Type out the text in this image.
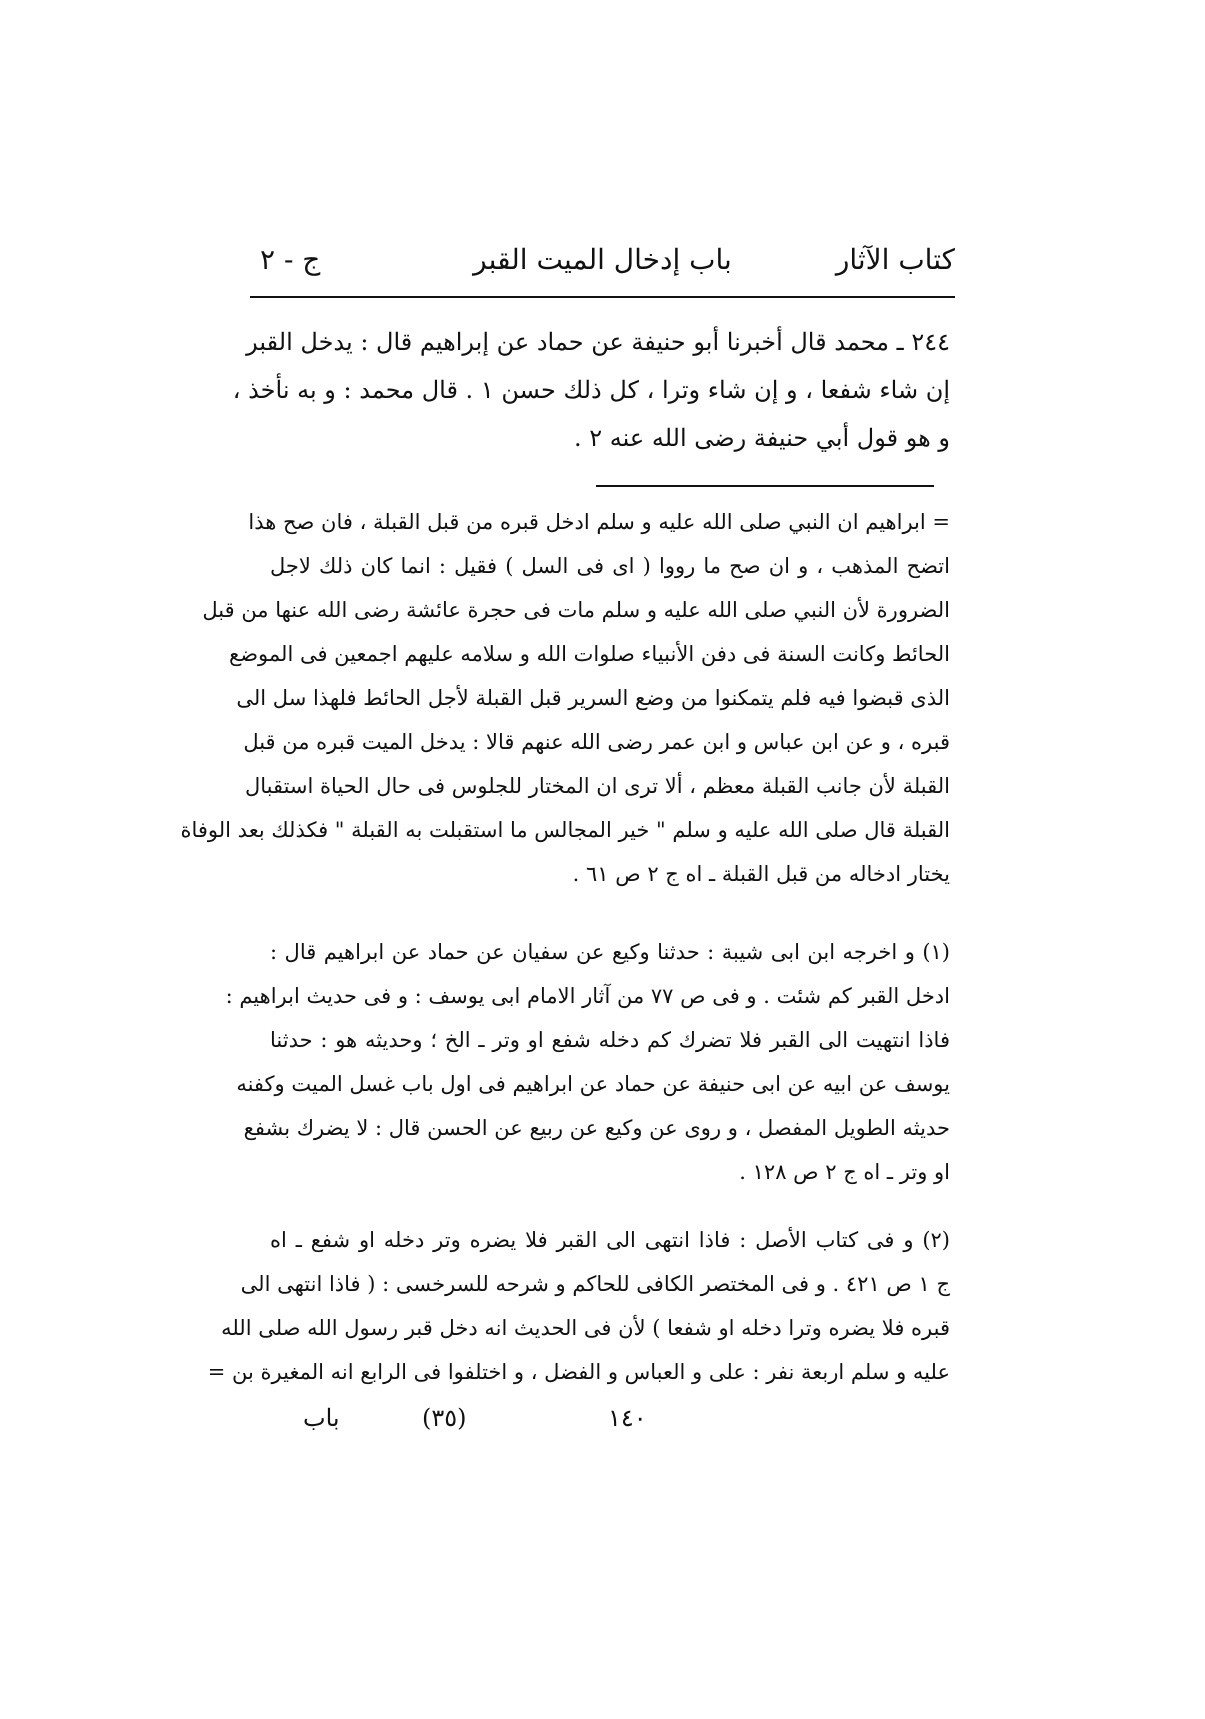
كتاب الآثار
باب إدخال الميت القبر
ج - ٢
٢٤٤ ـ محمد قال أخبرنا أبو حنيفة عن حماد عن إبراهيم قال : يدخل القبر
إن شاء شفعا ، و إن شاء وترا ، كل ذلك حسن ١ . قال محمد : و به نأخذ ،
و هو قول أبي حنيفة رضى الله عنه ٢ .
= ابراهيم ان النبي صلى الله عليه و سلم ادخل قبره من قبل القبلة ، فان صح هذا
اتضح المذهب ، و ان صح ما رووا ( اى فى السل ) فقيل : انما كان ذلك لاجل
الضرورة لأن النبي صلى الله عليه و سلم مات فى حجرة عائشة رضى الله عنها من قبل
الحائط وكانت السنة فى دفن الأنبياء صلوات الله و سلامه عليهم اجمعين فى الموضع
الذى قبضوا فيه فلم يتمكنوا من وضع السرير قبل القبلة لأجل الحائط فلهذا سل الى
قبره ، و عن ابن عباس و ابن عمر رضى الله عنهم قالا : يدخل الميت قبره من قبل
القبلة لأن جانب القبلة معظم ، ألا ترى ان المختار للجلوس فى حال الحياة استقبال
القبلة قال صلى الله عليه و سلم " خير المجالس ما استقبلت به القبلة " فكذلك بعد الوفاة
يختار ادخاله من قبل القبلة ـ اه ج ٢ ص ٦١ .
(١) و اخرجه ابن ابى شيبة : حدثنا وكيع عن سفيان عن حماد عن ابراهيم قال :
ادخل القبر كم شئت . و فى ص ٧٧ من آثار الامام ابى يوسف : و فى حديث ابراهيم :
فاذا انتهيت الى القبر فلا تضرك كم دخله شفع او وتر ـ الخ ؛ وحديثه هو : حدثنا
يوسف عن ابيه عن ابى حنيفة عن حماد عن ابراهيم فى اول باب غسل الميت وكفنه
حديثه الطويل المفصل ، و روى عن وكيع عن ربيع عن الحسن قال : لا يضرك بشفع
او وتر ـ اه ج ٢ ص ١٢٨ .
(٢) و فى كتاب الأصل : فاذا انتهى الى القبر فلا يضره وتر دخله او شفع ـ اه
ج ١ ص ٤٢١ . و فى المختصر الكافى للحاكم و شرحه للسرخسى : ( فاذا انتهى الى
قبره فلا يضره وترا دخله او شفعا ) لأن فى الحديث انه دخل قبر رسول الله صلى الله
عليه و سلم اربعة نفر : على و العباس و الفضل ، و اختلفوا فى الرابع انه المغيرة بن =
١٤٠
(٣٥)
باب
